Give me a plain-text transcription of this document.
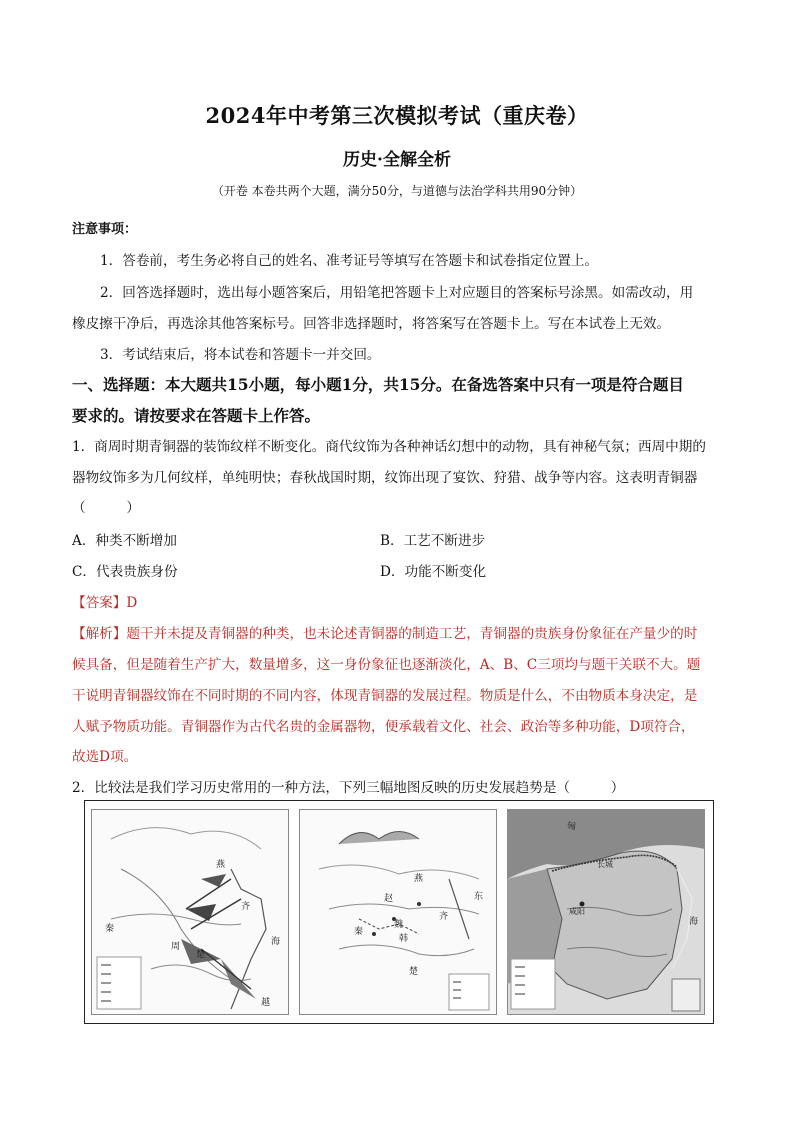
2024年中考第三次模拟考试（重庆卷）
历史·全解全析
（开卷 本卷共两个大题，满分50分，与道德与法治学科共用90分钟）
注意事项：
1．答卷前，考生务必将自己的姓名、准考证号等填写在答题卡和试卷指定位置上。
2．回答选择题时，选出每小题答案后，用铅笔把答题卡上对应题目的答案标号涂黑。如需改动，用
橡皮擦干净后，再选涂其他答案标号。回答非选择题时，将答案写在答题卡上。写在本试卷上无效。
3．考试结束后，将本试卷和答题卡一并交回。
一、选择题：本大题共15小题，每小题1分，共15分。在备选答案中只有一项是符合题目
要求的。请按要求在答题卡上作答。
1．商周时期青铜器的装饰纹样不断变化。商代纹饰为各种神话幻想中的动物，具有神秘气氛；西周中期的
器物纹饰多为几何纹样，单纯明快；春秋战国时期，纹饰出现了宴饮、狩猎、战争等内容。这表明青铜器
（　　　）
A．种类不断增加	B．工艺不断进步
C．代表贵族身份	D．功能不断变化
【答案】D
【解析】题干并未提及青铜器的种类，也未论述青铜器的制造工艺，青铜器的贵族身份象征在产量少的时
候具备，但是随着生产扩大，数量增多，这一身份象征也逐渐淡化，A、B、C三项均与题干关联不大。题
干说明青铜器纹饰在不同时期的不同内容，体现青铜器的发展过程。物质是什么，不由物质本身决定，是
人赋予物质功能。青铜器作为古代名贵的金属器物，便承载着文化、社会、政治等多种功能，D项符合，
故选D项。
2．比较法是我们学习历史常用的一种方法，下列三幅地图反映的历史发展趋势是（　　　）
燕
周
楚
越
秦
齐
海
燕
赵
齐
魏
秦
韩
楚
东
匈
长城
咸阳
海
